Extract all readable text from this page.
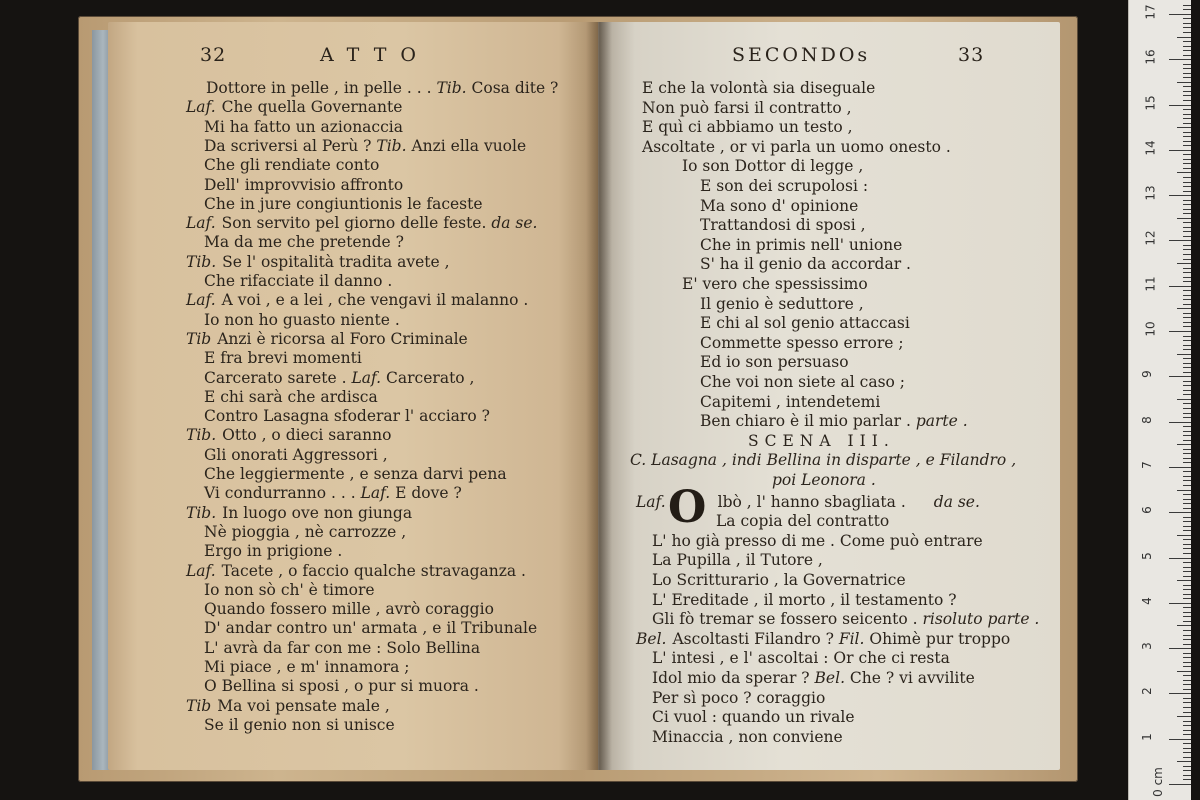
32	ATTO
Dottore in pelle , in pelle . . . Tib. Cosa dite ?
Laf. Che quella Governante
Mi ha fatto un azionaccia
Da scriversi al Perù ? Tib. Anzi ella vuole
Che gli rendiate conto
Dell' improvvisio affronto
Che in jure congiuntionis le faceste
Laf. Son servito pel giorno delle feste. da se.
Ma da me che pretende ?
Tib. Se l' ospitalità tradita avete ,
Che rifacciate il danno .
Laf. A voi , e a lei , che vengavi il malanno .
Io non ho guasto niente .
Tib Anzi è ricorsa al Foro Criminale
E fra brevi momenti
Carcerato sarete . Laf. Carcerato ,
E chi sarà che ardisca
Contro Lasagna sfoderar l' acciaro ?
Tib. Otto , o dieci saranno
Gli onorati Aggressori ,
Che leggiermente , e senza darvi pena
Vi condurranno . . . Laf. E dove ?
Tib. In luogo ove non giunga
Nè pioggia , nè carrozze ,
Ergo in prigione .
Laf. Tacete , o faccio qualche stravaganza .
Io non sò ch' è timore
Quando fossero mille , avrò coraggio
D' andar contro un' armata , e il Tribunale
L' avrà da far con me : Solo Bellina
Mi piace , e m' innamora ;
O Bellina si sposi , o pur si muora .
Tib Ma voi pensate male ,
Se il genio non si unisce
SECONDOs	33
E che la volontà sia diseguale
Non può farsi il contratto ,
E quì ci abbiamo un testo ,
Ascoltate , or vi parla un uomo onesto .
Io son Dottor di legge ,
E son dei scrupolosi :
Ma sono d' opinione
Trattandosi di sposi ,
Che in primis nell' unione
S' ha il genio da accordar .
E' vero che spessissimo
Il genio è seduttore ,
E chi al sol genio attaccasi
Commette spesso errore ;
Ed io son persuaso
Che voi non siete al caso ;
Capitemi , intendetemi
Ben chiaro è il mio parlar . parte .
SCENA III.
C. Lasagna , indi Bellina in disparte , e Filandro ,
poi Leonora .
O
Laf.	lbò , l' hanno sbagliata . da se.
La copia del contratto
L' ho già presso di me . Come può entrare
La Pupilla , il Tutore ,
Lo Scritturario , la Governatrice
L' Ereditade , il morto , il testamento ?
Gli fò tremar se fossero seicento . risoluto parte .
Bel. Ascoltasti Filandro ? Fil. Ohimè pur troppo
L' intesi , e l' ascoltai : Or che ci resta
Idol mio da sperar ? Bel. Che ? vi avvilite
Per sì poco ? coraggio
Ci vuol : quando un rivale
Minaccia , non conviene
0 cm
1
2
3
4
5
6
7
8
9
10
11
12
13
14
15
16
17
